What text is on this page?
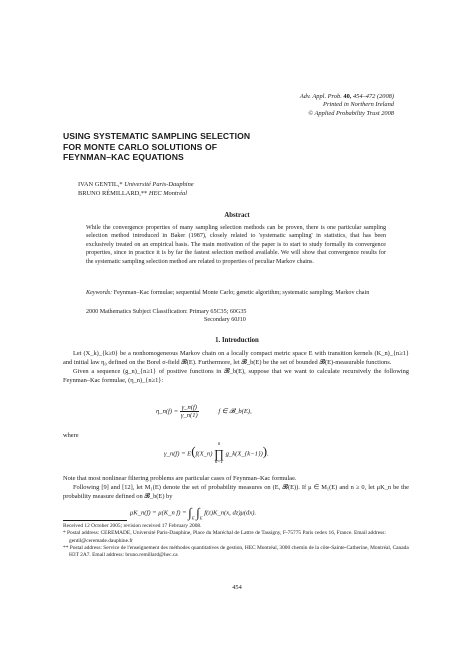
Adv. Appl. Prob. 40, 454–472 (2008)
Printed in Northern Ireland
© Applied Probability Trust 2008
USING SYSTEMATIC SAMPLING SELECTION
FOR MONTE CARLO SOLUTIONS OF
FEYNMAN–KAC EQUATIONS
IVAN GENTIL,* Université Paris-Dauphine
BRUNO RÉMILLARD,** HEC Montréal
Abstract
While the convergence properties of many sampling selection methods can be proven, there is one particular sampling selection method introduced in Baker (1987), closely related to 'systematic sampling' in statistics, that has been exclusively treated on an empirical basis. The main motivation of the paper is to start to study formally its convergence properties, since in practice it is by far the fastest selection method available. We will show that convergence results for the systematic sampling selection method are related to properties of peculiar Markov chains.
Keywords: Feynman–Kac formulae; sequential Monte Carlo; genetic algorithm; systematic sampling; Markov chain
2000 Mathematics Subject Classification: Primary 65C35; 60G35
Secondary 60J10
1. Introduction

Let (X_k)_{k≥0} be a nonhomogeneous Markov chain on a locally compact metric space E with transition kernels (K_n)_{n≥1} and initial law η₀ defined on the Borel σ-field 𝓑(E). Furthermore, let 𝓑_b(E) be the set of bounded 𝓑(E)-measurable functions.

Given a sequence (g_n)_{n≥1} of positive functions in 𝓑_b(E), suppose that we want to calculate recursively the following Feynman–Kac formulae, (η_n)_{n≥1}:

η_n(f) = $\frac{\gamma\_n(f)}{\gamma\_n(1)}$	f ∈ 𝓑_b(E),

where

γ_n(f) = E(f(X_n)
n
∏
k=1
g_k(X_{k−1})).

Note that most nonlinear filtering problems are particular cases of Feynman–Kac formulae.

Following [9] and [12], let M₁(E) denote the set of probability measures on (E, 𝓑(E)). If μ ∈ M₁(E) and n ≥ 0, let μK_n be the probability measure defined on 𝓑_b(E) by

μK_n(f) = μ(K_n $f) = \int_E$ $\int_E$ f(z)K_n(x, dz)μ(dx).
Received 12 October 2005; revision received 17 February 2008.
* Postal address: CEREMADE, Université Paris-Dauphine, Place du Maréchal de Lattre de Tassigny, F-75775 Paris cedex 16, France. Email address: gentil@ceremade.dauphine.fr
** Postal address: Service de l'enseignement des méthodes quantitatives de gestion, HEC Montréal, 3000 chemin de la côte-Sainte-Catherine, Montréal, Canada H3T 2A7. Email address: bruno.remillard@hec.ca
454
